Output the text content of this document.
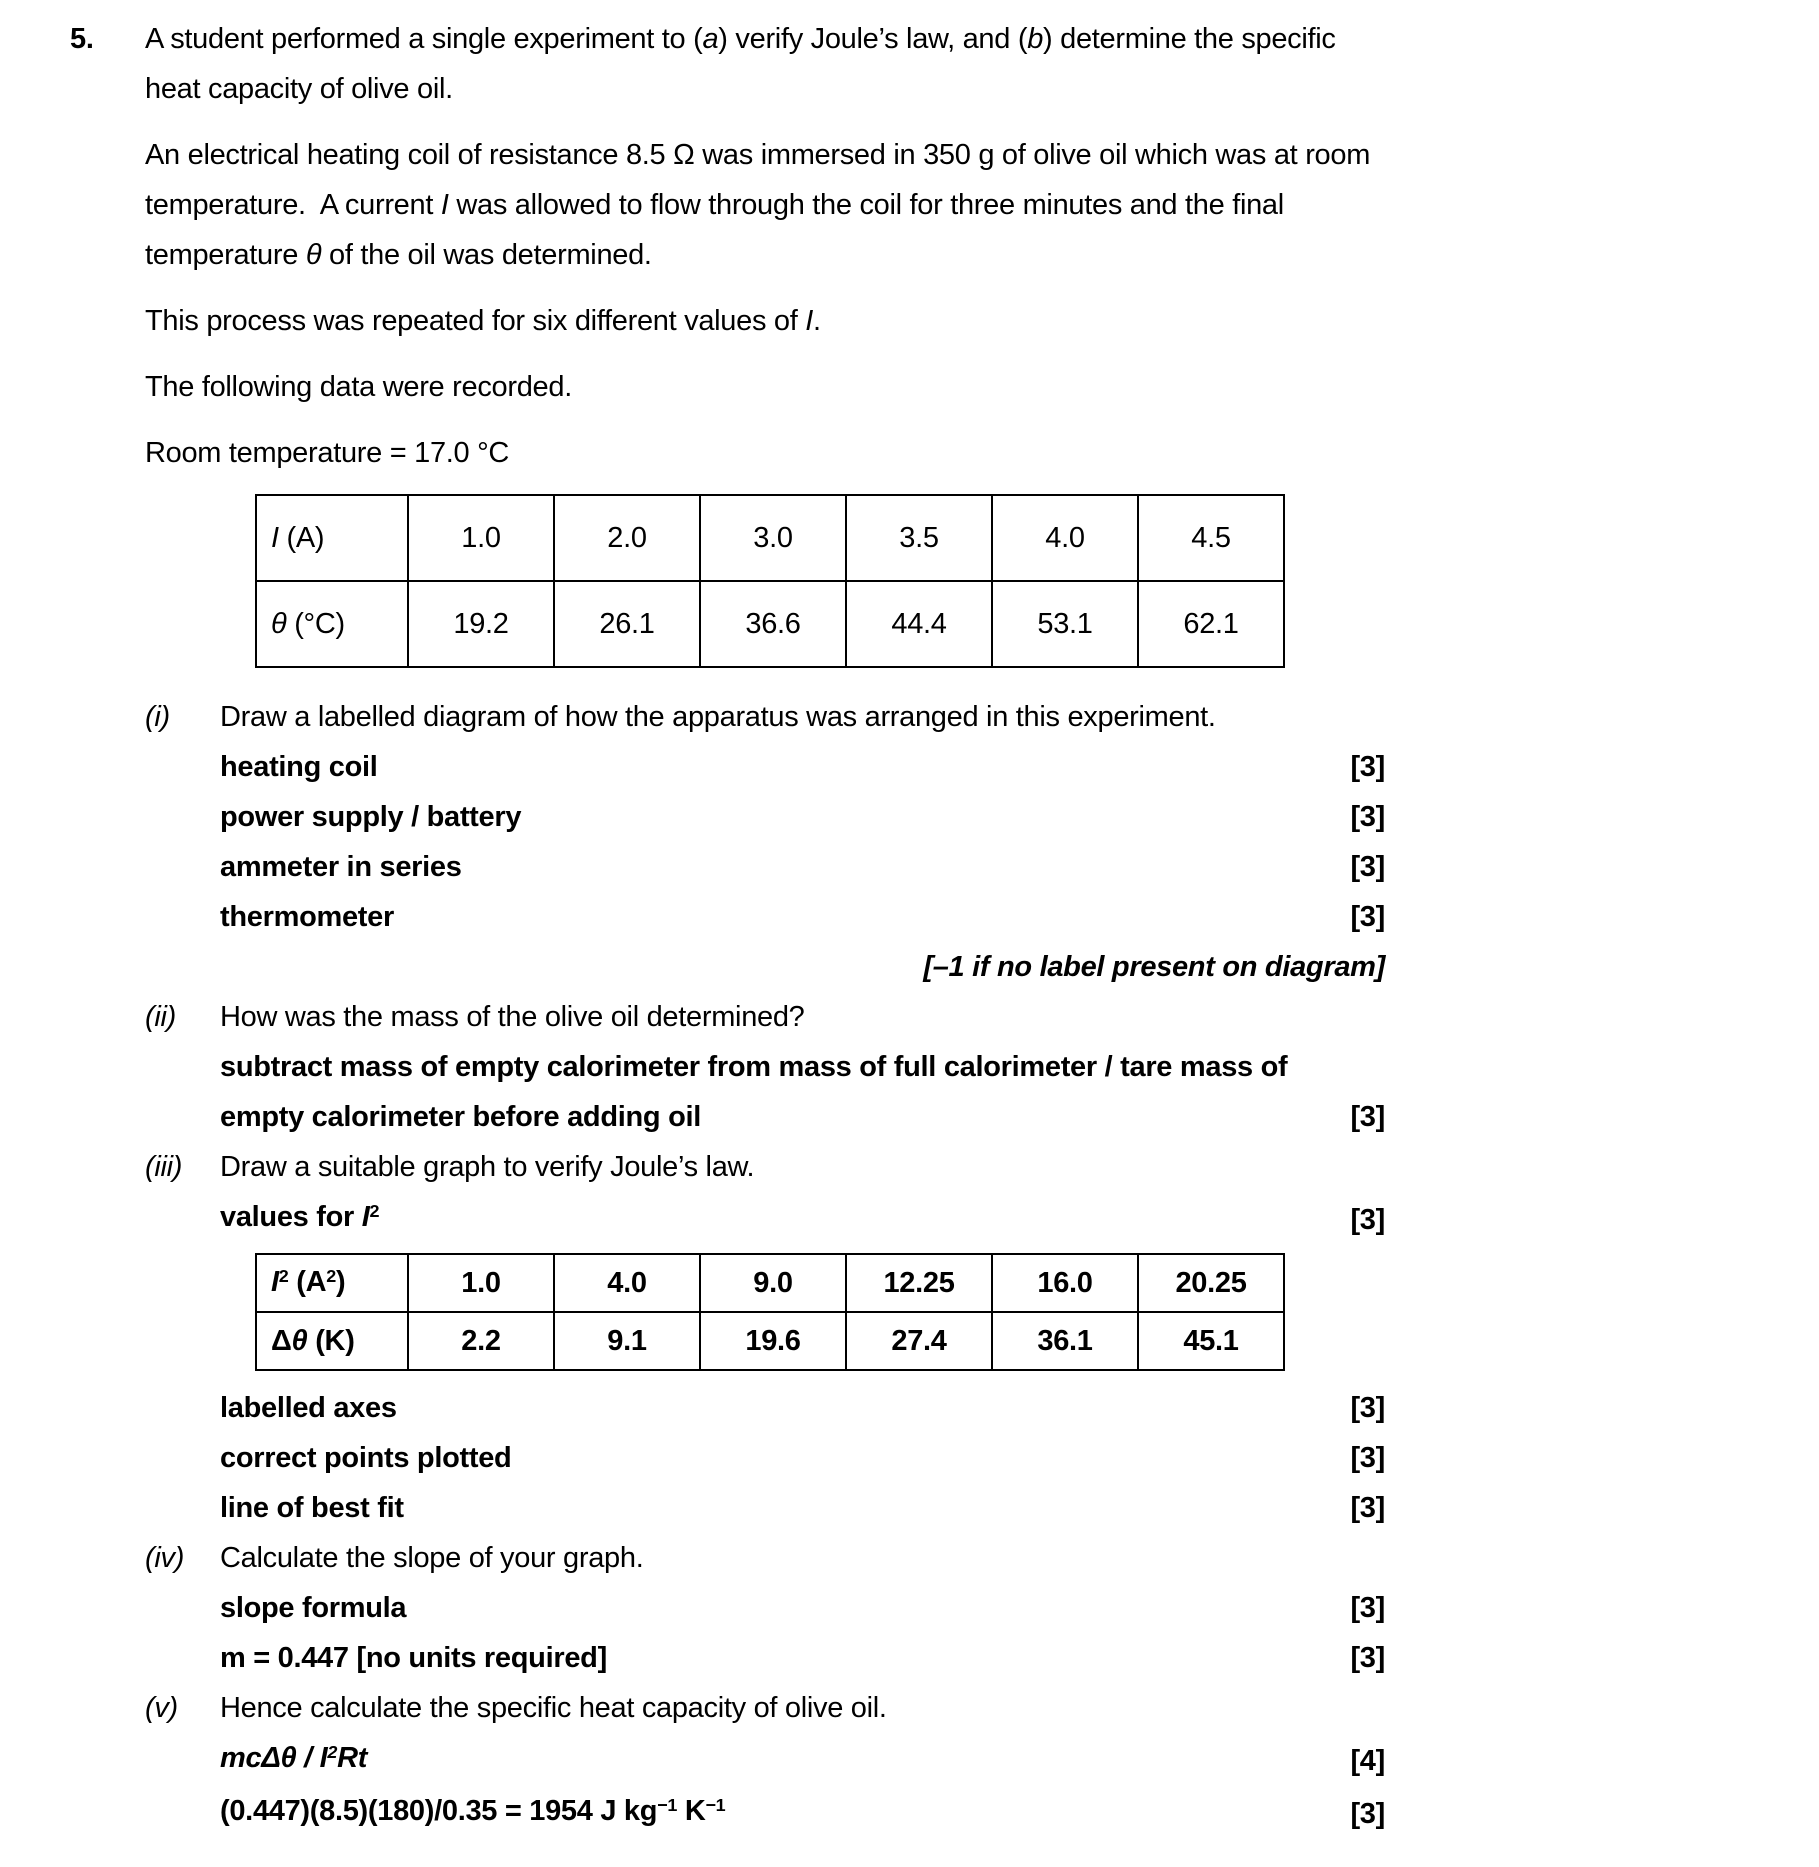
5. A student performed a single experiment to (a) verify Joule’s law, and (b) determine the specific heat capacity of olive oil.

An electrical heating coil of resistance 8.5 Ω was immersed in 350 g of olive oil which was at room temperature.  A current I was allowed to flow through the coil for three minutes and the final temperature θ of the oil was determined.

This process was repeated for six different values of I.

The following data were recorded.

Room temperature = 17.0 °C

I (A)	1.0	2.0	3.0	3.5	4.0	4.5
θ (°C)	19.2	26.1	36.6	44.4	53.1	62.1
(i)	Draw a labelled diagram of how the apparatus was arranged in this experiment.

heating coil	[3]
power supply / battery	[3]
ammeter in series	[3]
thermometer	[3]
[–1 if no label present on diagram]
(ii)	How was the mass of the olive oil determined?

subtract mass of empty calorimeter from mass of full calorimeter / tare mass of empty calorimeter before adding oil	[3]
(iii)	Draw a suitable graph to verify Joule’s law.

values for $I^2$	[3]
$I^2$ $(A^2)$	1.0	4.0	9.0	12.25	16.0	20.25
Δθ (K)	2.2	9.1	19.6	27.4	36.1	45.1
labelled axes	[3]
correct points plotted	[3]
line of best fit	[3]
(iv)	Calculate the slope of your graph.

slope formula	[3]
m = 0.447 [no units required]	[3]
(v)	Hence calculate the specific heat capacity of olive oil.

mcΔθ / $I^2Rt$	[4]
(0.447)(8.5)(180)/0.35 = 1954 J $kg^{-1}$ $K^{-1}$	[3]
